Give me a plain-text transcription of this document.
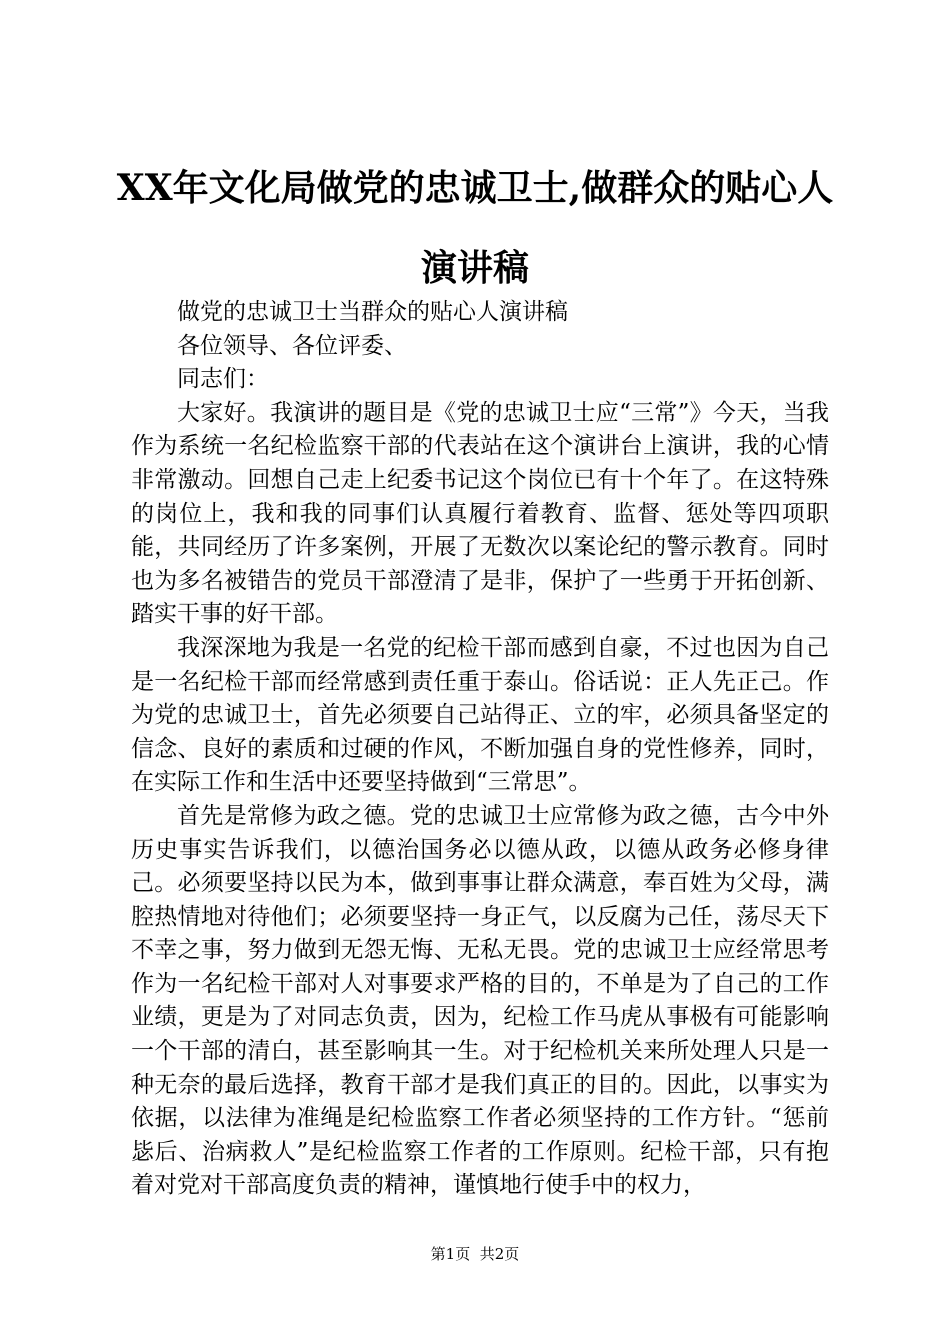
XX年文化局做党的忠诚卫士,做群众的贴心人
演讲稿

做党的忠诚卫士当群众的贴心人演讲稿

各位领导、各位评委、

同志们：

大家好。我演讲的题目是《党的忠诚卫士应“三常”》今天，当我作为系统一名纪检监察干部的代表站在这个演讲台上演讲，我的心情非常激动。回想自己走上纪委书记这个岗位已有十个年了。在这特殊的岗位上，我和我的同事们认真履行着教育、监督、惩处等四项职能，共同经历了许多案例，开展了无数次以案论纪的警示教育。同时也为多名被错告的党员干部澄清了是非，保护了一些勇于开拓创新、踏实干事的好干部。

我深深地为我是一名党的纪检干部而感到自豪，不过也因为自己是一名纪检干部而经常感到责任重于泰山。俗话说：正人先正己。作为党的忠诚卫士，首先必须要自己站得正、立的牢，必须具备坚定的信念、良好的素质和过硬的作风，不断加强自身的党性修养，同时，在实际工作和生活中还要坚持做到“三常思”。

首先是常修为政之德。党的忠诚卫士应常修为政之德，古今中外历史事实告诉我们，以德治国务必以德从政，以德从政务必修身律己。必须要坚持以民为本，做到事事让群众满意，奉百姓为父母，满腔热情地对待他们；必须要坚持一身正气，以反腐为己任，荡尽天下不幸之事，努力做到无怨无悔、无私无畏。党的忠诚卫士应经常思考作为一名纪检干部对人对事要求严格的目的，不单是为了自己的工作业绩，更是为了对同志负责，因为，纪检工作马虎从事极有可能影响一个干部的清白，甚至影响其一生。对于纪检机关来所处理人只是一种无奈的最后选择，教育干部才是我们真正的目的。因此，以事实为依据，以法律为准绳是纪检监察工作者必须坚持的工作方针。“惩前毖后、治病救人”是纪检监察工作者的工作原则。纪检干部，只有抱着对党对干部高度负责的精神，谨慎地行使手中的权力，

第1页 共2页
